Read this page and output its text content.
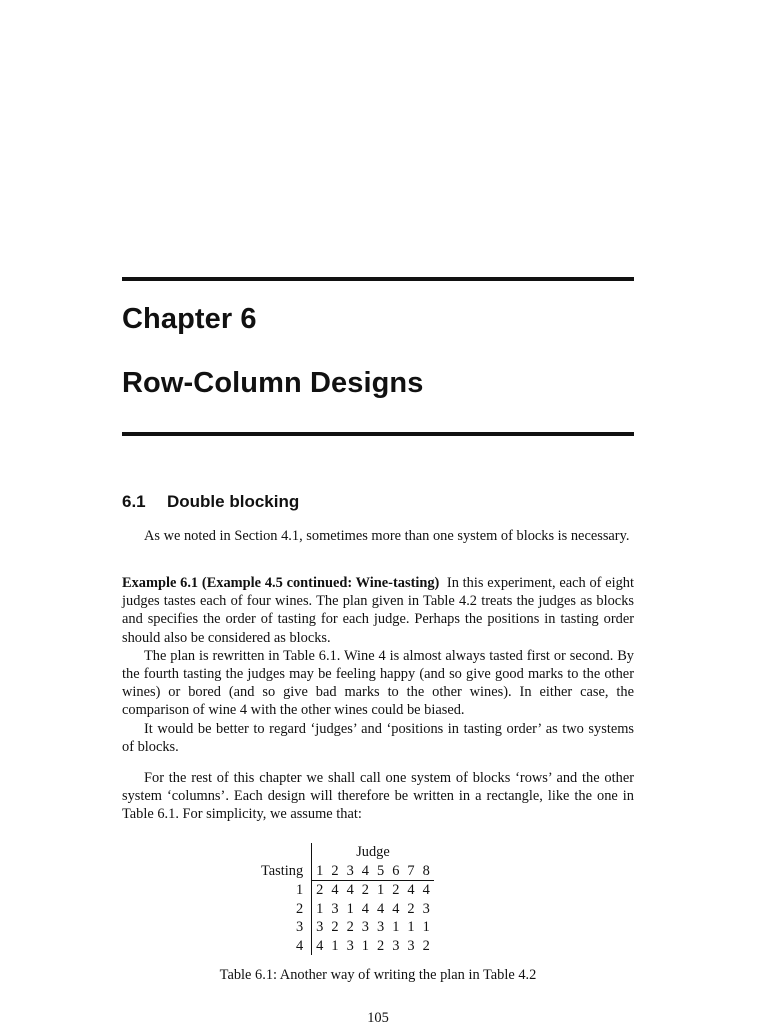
Chapter 6
Row-Column Designs
6.1 Double blocking

As we noted in Section 4.1, sometimes more than one system of blocks is necessary.

Example 6.1 (Example 4.5 continued: Wine-tasting) In this experiment, each of eight judges tastes each of four wines. The plan given in Table 4.2 treats the judges as blocks and specifies the order of tasting for each judge. Perhaps the positions in tasting order should also be considered as blocks.

The plan is rewritten in Table 6.1. Wine 4 is almost always tasted first or second. By the fourth tasting the judges may be feeling happy (and so give good marks to the other wines) or bored (and so give bad marks to the other wines). In either case, the comparison of wine 4 with the other wines could be biased.

It would be better to regard ‘judges’ and ‘positions in tasting order’ as two systems of blocks.

For the rest of this chapter we shall call one system of blocks ‘rows’ and the other system ‘columns’. Each design will therefore be written in a rectangle, like the one in Table 6.1. For simplicity, we assume that:

	Judge							
Tasting	1	2	3	4	5	6	7	8
1	2	4	4	2	1	2	4	4
2	1	3	1	4	4	4	2	3
3	3	2	2	3	3	1	1	1
4	4	1	3	1	2	3	3	2

Table 6.1: Another way of writing the plan in Table 4.2

105
